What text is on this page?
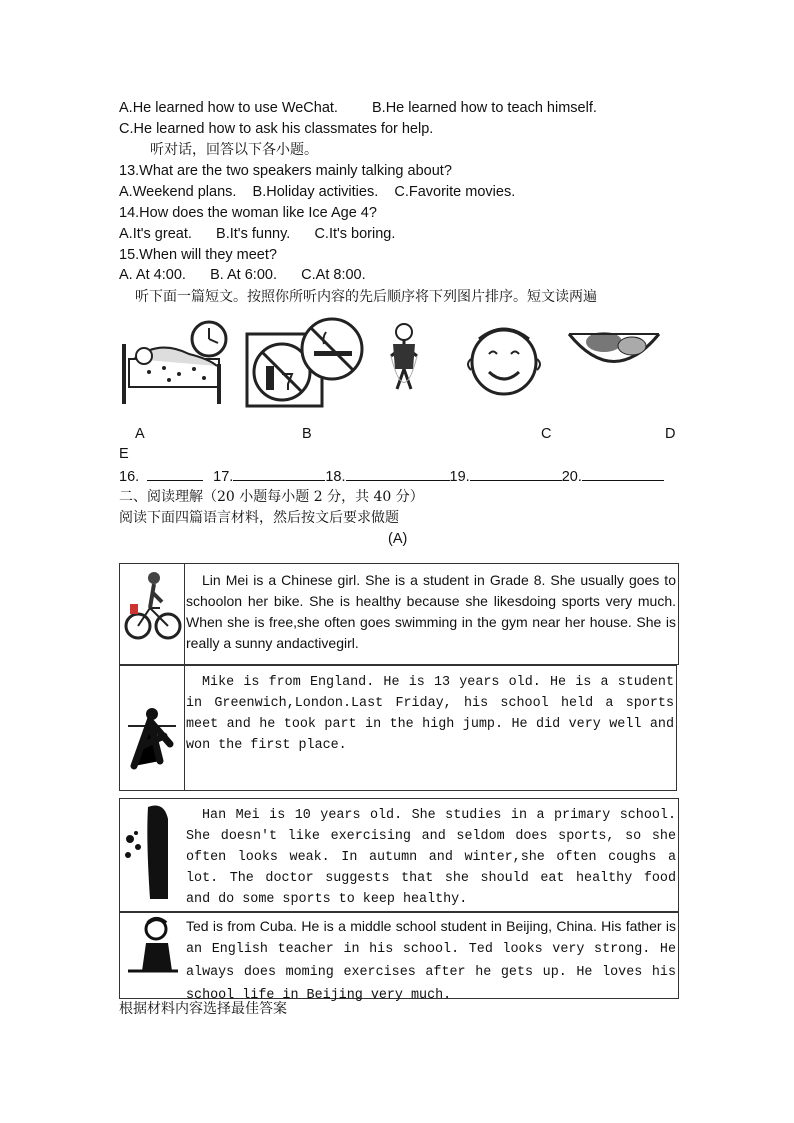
A.He learned how to use WeChat. B.He learned how to teach himself.
C.He learned how to ask his classmates for help.
听对话，回答以下各小题。
13.What are the two speakers mainly talking about?
A.Weekend plans.    B.Holiday activities.    C.Favorite movies.
14.How does the woman like Ice Age 4?
A.It's great.      B.It's funny.      C.It's boring.
15.When will they meet?
A. At 4:00.      B. At 6:00.      C.At 8:00.
听下面一篇短文。按照你所听内容的先后顺序将下列图片排序。短文读两遍
A	B	C	D
E
16.	17.	18.	19.	20.
二、阅读理解（20 小题每小题 2 分，共 40 分）
阅读下面四篇语言材料，然后按文后要求做题
(A)
Lin Mei is a Chinese girl. She is a student in Grade 8. She usually goes to schoolon her bike. She is healthy because she likesdoing sports very much. When she is free,she often goes swimming in the gym near her house. She is really a sunny andactivegirl.
Mike is from England. He is 13 years old. He is a student in Greenwich,London.Last Friday, his school held a sports meet and he took part in the high jump. He did very well and won the first place.
Han Mei is 10 years old. She studies in a primary school. She doesn't like exercising and seldom does sports, so she often looks weak. In autumn and winter,she often coughs a lot. The doctor suggests that she should eat healthy food and do some sports to keep healthy.
Ted is from Cuba. He is a middle school student in Beijing, China. His father is an English teacher in his school. Ted looks very strong. He always does moming exercises after he gets up. He loves his school life in Beijing very much.
根据材料内容选择最佳答案
